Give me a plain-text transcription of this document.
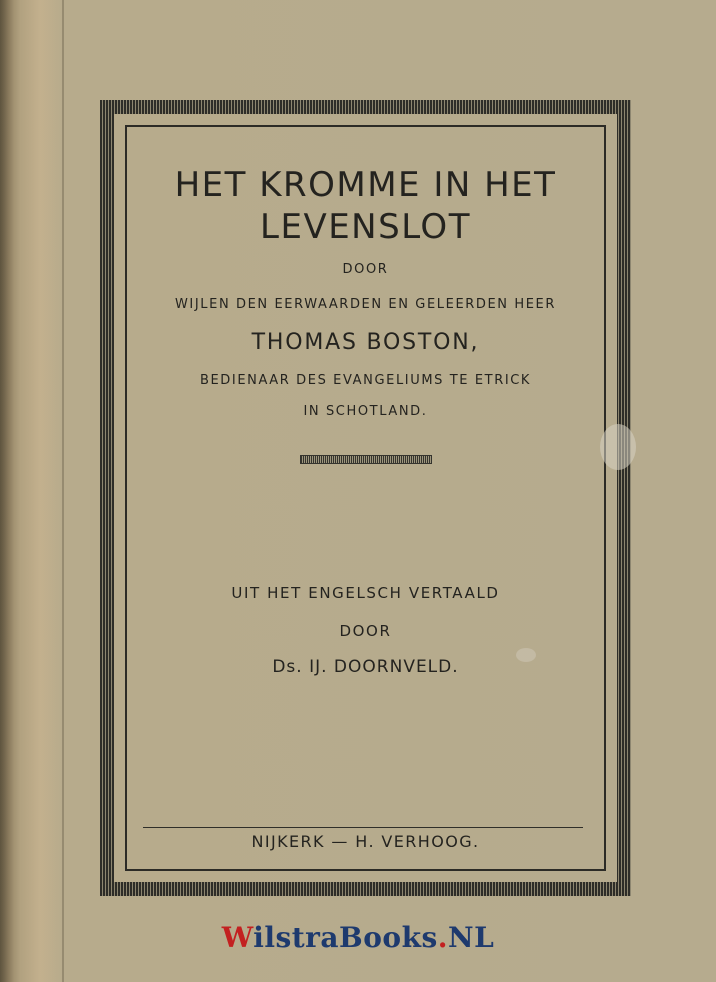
HET KROMME IN HET
LEVENSLOT
DOOR
WIJLEN DEN EERWAARDEN EN GELEERDEN HEER
THOMAS BOSTON,
BEDIENAAR DES EVANGELIUMS TE ETRICK
IN SCHOTLAND.
UIT HET ENGELSCH VERTAALD
DOOR
Ds. IJ. DOORNVELD.
NIJKERK — H. VERHOOG.
WilstraBooks.NL
